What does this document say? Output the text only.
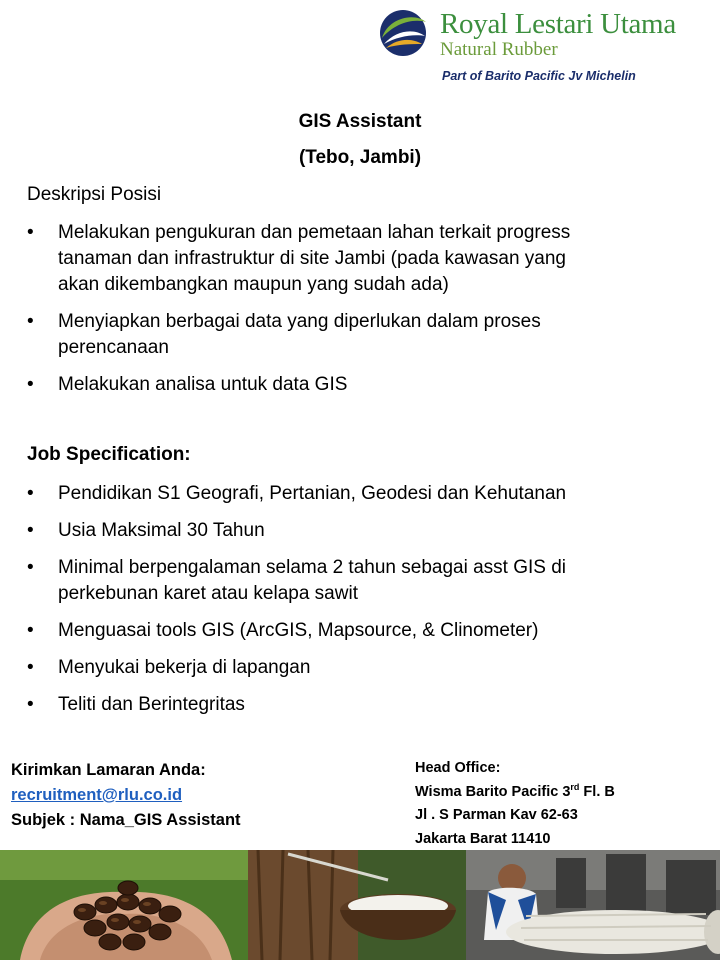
Royal Lestari Utama
Natural Rubber
Part of Barito Pacific Jv Michelin
GIS Assistant
(Tebo, Jambi)
Deskripsi Posisi
• Melakukan pengukuran dan pemetaan lahan terkait progress
tanaman dan infrastruktur di site Jambi (pada kawasan yang
akan dikembangkan maupun yang sudah ada)
• Menyiapkan berbagai data yang diperlukan dalam proses
perencanaan
• Melakukan analisa untuk data GIS
Job Specification:
• Pendidikan S1 Geografi, Pertanian, Geodesi dan Kehutanan
• Usia Maksimal 30 Tahun
• Minimal berpengalaman selama 2 tahun sebagai asst GIS di
perkebunan karet atau kelapa sawit
• Menguasai tools GIS (ArcGIS, Mapsource, & Clinometer)
• Menyukai bekerja di lapangan
• Teliti dan Berintegritas
Kirimkan Lamaran Anda:
recruitment@rlu.co.id
Subjek : Nama_GIS Assistant
Head Office:
Wisma Barito Pacific 3rd Fl. B
Jl . S Parman Kav 62-63
Jakarta Barat 11410
